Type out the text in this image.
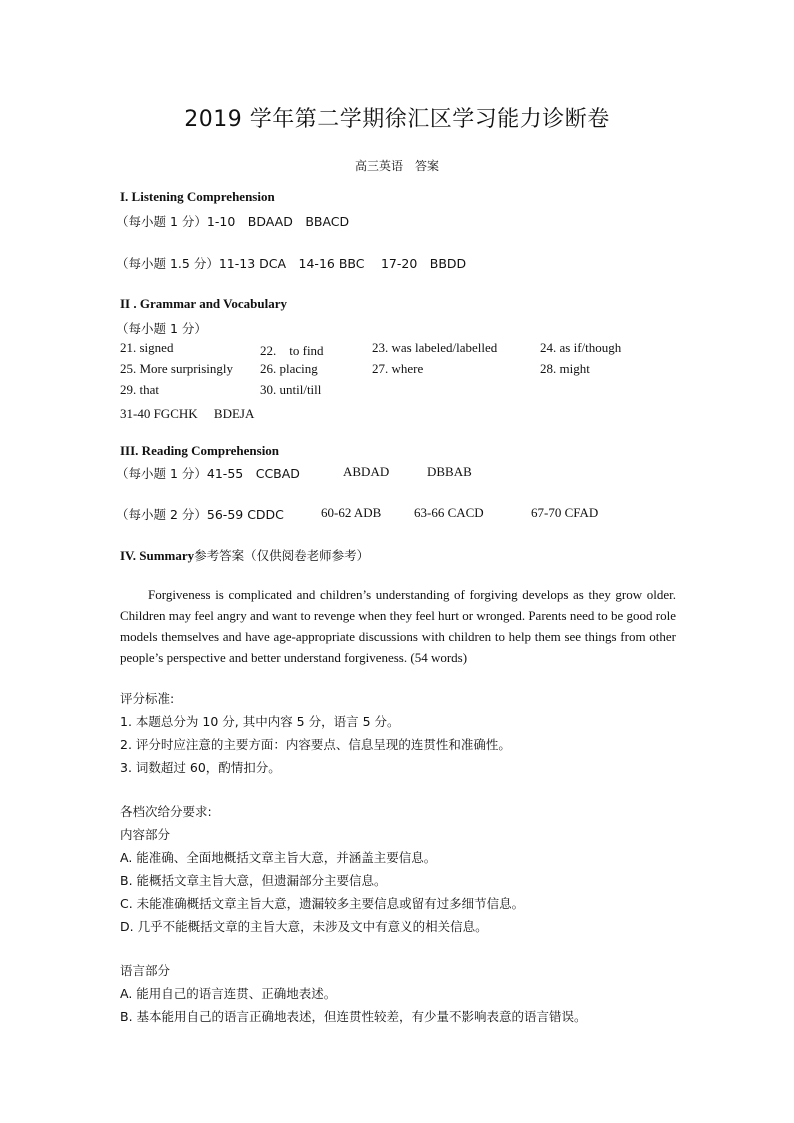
2019 学年第二学期徐汇区学习能力诊断卷
高三英语　答案
I. Listening Comprehension
（每小题 1 分）1-10　BDAAD　BBACD
（每小题 1.5 分）11-13 DCA　14-16 BBC　 17-20　BBDD
II . Grammar and Vocabulary
（每小题 1 分）
21. signed	22.　to find	23. was labeled/labelled	24. as if/though
25. More surprisingly 26. placing	27. where	28. might
29. that	30. until/till
31-40 FGCHK　 BDEJA
III. Reading Comprehension
（每小题 1 分）41-55　CCBAD	ABDAD	DBBAB
（每小题 2 分）56-59 CDDC	60-62 ADB	63-66 CACD	67-70 CFAD
IV. Summary参考答案（仅供阅卷老师参考）
Forgiveness is complicated and children’s understanding of forgiving develops as they grow older. Children may feel angry and want to revenge when they feel hurt or wronged. Parents need to be good role models themselves and have age-appropriate discussions with children to help them see things from other people’s perspective and better understand forgiveness. (54 words)
评分标准:
1. 本题总分为 10 分, 其中内容 5 分，语言 5 分。
2. 评分时应注意的主要方面：内容要点、信息呈现的连贯性和准确性。
3. 词数超过 60，酌情扣分。
各档次给分要求:
内容部分
A. 能准确、全面地概括文章主旨大意，并涵盖主要信息。
B. 能概括文章主旨大意，但遗漏部分主要信息。
C. 未能准确概括文章主旨大意，遗漏较多主要信息或留有过多细节信息。
D. 几乎不能概括文章的主旨大意，未涉及文中有意义的相关信息。
语言部分
A. 能用自己的语言连贯、正确地表述。
B. 基本能用自己的语言正确地表述，但连贯性较差，有少量不影响表意的语言错误。
